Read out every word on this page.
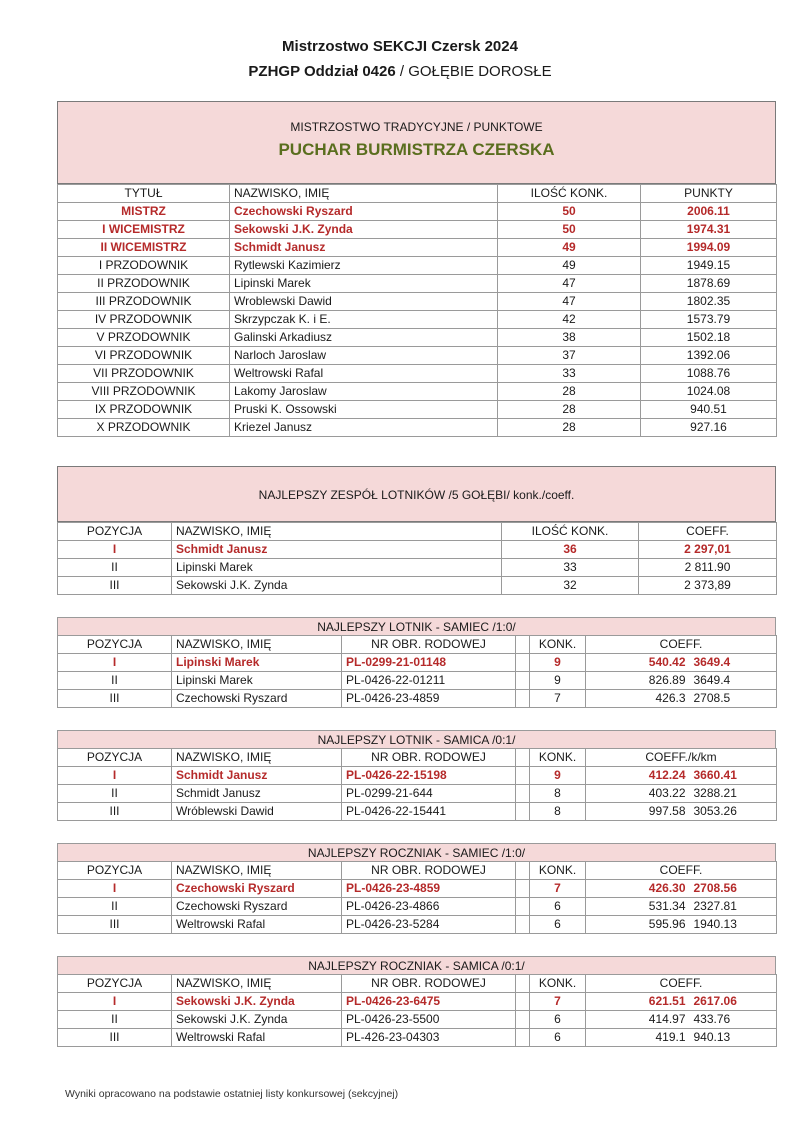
Mistrzostwo SEKCJI Czersk 2024
PZHGP Oddział 0426 / GOŁĘBIE DOROSŁE
MISTRZOSTWO TRADYCYJNE / PUNKTOWE
PUCHAR BURMISTRZA CZERSKA
TYTUŁ	NAZWISKO, IMIĘ	ILOŚĆ KONK.	PUNKTY
MISTRZ	Czechowski Ryszard	50	2006.11
I WICEMISTRZ	Sekowski J.K. Zynda	50	1974.31
II WICEMISTRZ	Schmidt Janusz	49	1994.09
I PRZODOWNIK	Rytlewski Kazimierz	49	1949.15
II PRZODOWNIK	Lipinski Marek	47	1878.69
III PRZODOWNIK	Wroblewski Dawid	47	1802.35
IV PRZODOWNIK	Skrzypczak K. i E.	42	1573.79
V PRZODOWNIK	Galinski Arkadiusz	38	1502.18
VI PRZODOWNIK	Narloch Jaroslaw	37	1392.06
VII PRZODOWNIK	Weltrowski Rafal	33	1088.76
VIII PRZODOWNIK	Lakomy Jaroslaw	28	1024.08
IX PRZODOWNIK	Pruski K. Ossowski	28	940.51
X PRZODOWNIK	Kriezel Janusz	28	927.16
NAJLEPSZY ZESPÓŁ LOTNIKÓW /5 GOŁĘBI/ konk./coeff.
POZYCJA	NAZWISKO, IMIĘ	ILOŚĆ KONK.	COEFF.
I	Schmidt Janusz	36	2 297,01
II	Lipinski Marek	33	2 811.90
III	Sekowski J.K. Zynda	32	2 373,89
NAJLEPSZY LOTNIK - SAMIEC /1:0/
POZYCJA	NAZWISKO, IMIĘ	NR OBR. RODOWEJ		KONK.	COEFF.	
I	Lipinski Marek	PL-0299-21-01148		9	540.42	3649.4
II	Lipinski Marek	PL-0426-22-01211		9	826.89	3649.4
III	Czechowski Ryszard	PL-0426-23-4859		7	426.3	2708.5
NAJLEPSZY LOTNIK - SAMICA /0:1/
POZYCJA	NAZWISKO, IMIĘ	NR OBR. RODOWEJ		KONK.	COEFF./k/km	
I	Schmidt Janusz	PL-0426-22-15198		9	412.24	3660.41
II	Schmidt Janusz	PL-0299-21-644		8	403.22	3288.21
III	Wróblewski Dawid	PL-0426-22-15441		8	997.58	3053.26
NAJLEPSZY ROCZNIAK - SAMIEC /1:0/
POZYCJA	NAZWISKO, IMIĘ	NR OBR. RODOWEJ		KONK.	COEFF.	
I	Czechowski Ryszard	PL-0426-23-4859		7	426.30	2708.56
II	Czechowski Ryszard	PL-0426-23-4866		6	531.34	2327.81
III	Weltrowski Rafal	PL-0426-23-5284		6	595.96	1940.13
NAJLEPSZY ROCZNIAK - SAMICA /0:1/
POZYCJA	NAZWISKO, IMIĘ	NR OBR. RODOWEJ		KONK.	COEFF.	
I	Sekowski J.K. Zynda	PL-0426-23-6475		7	621.51	2617.06
II	Sekowski J.K. Zynda	PL-0426-23-5500		6	414.97	433.76
III	Weltrowski Rafal	PL-426-23-04303		6	419.1	940.13
Wyniki opracowano na podstawie ostatniej listy konkursowej (sekcyjnej)
